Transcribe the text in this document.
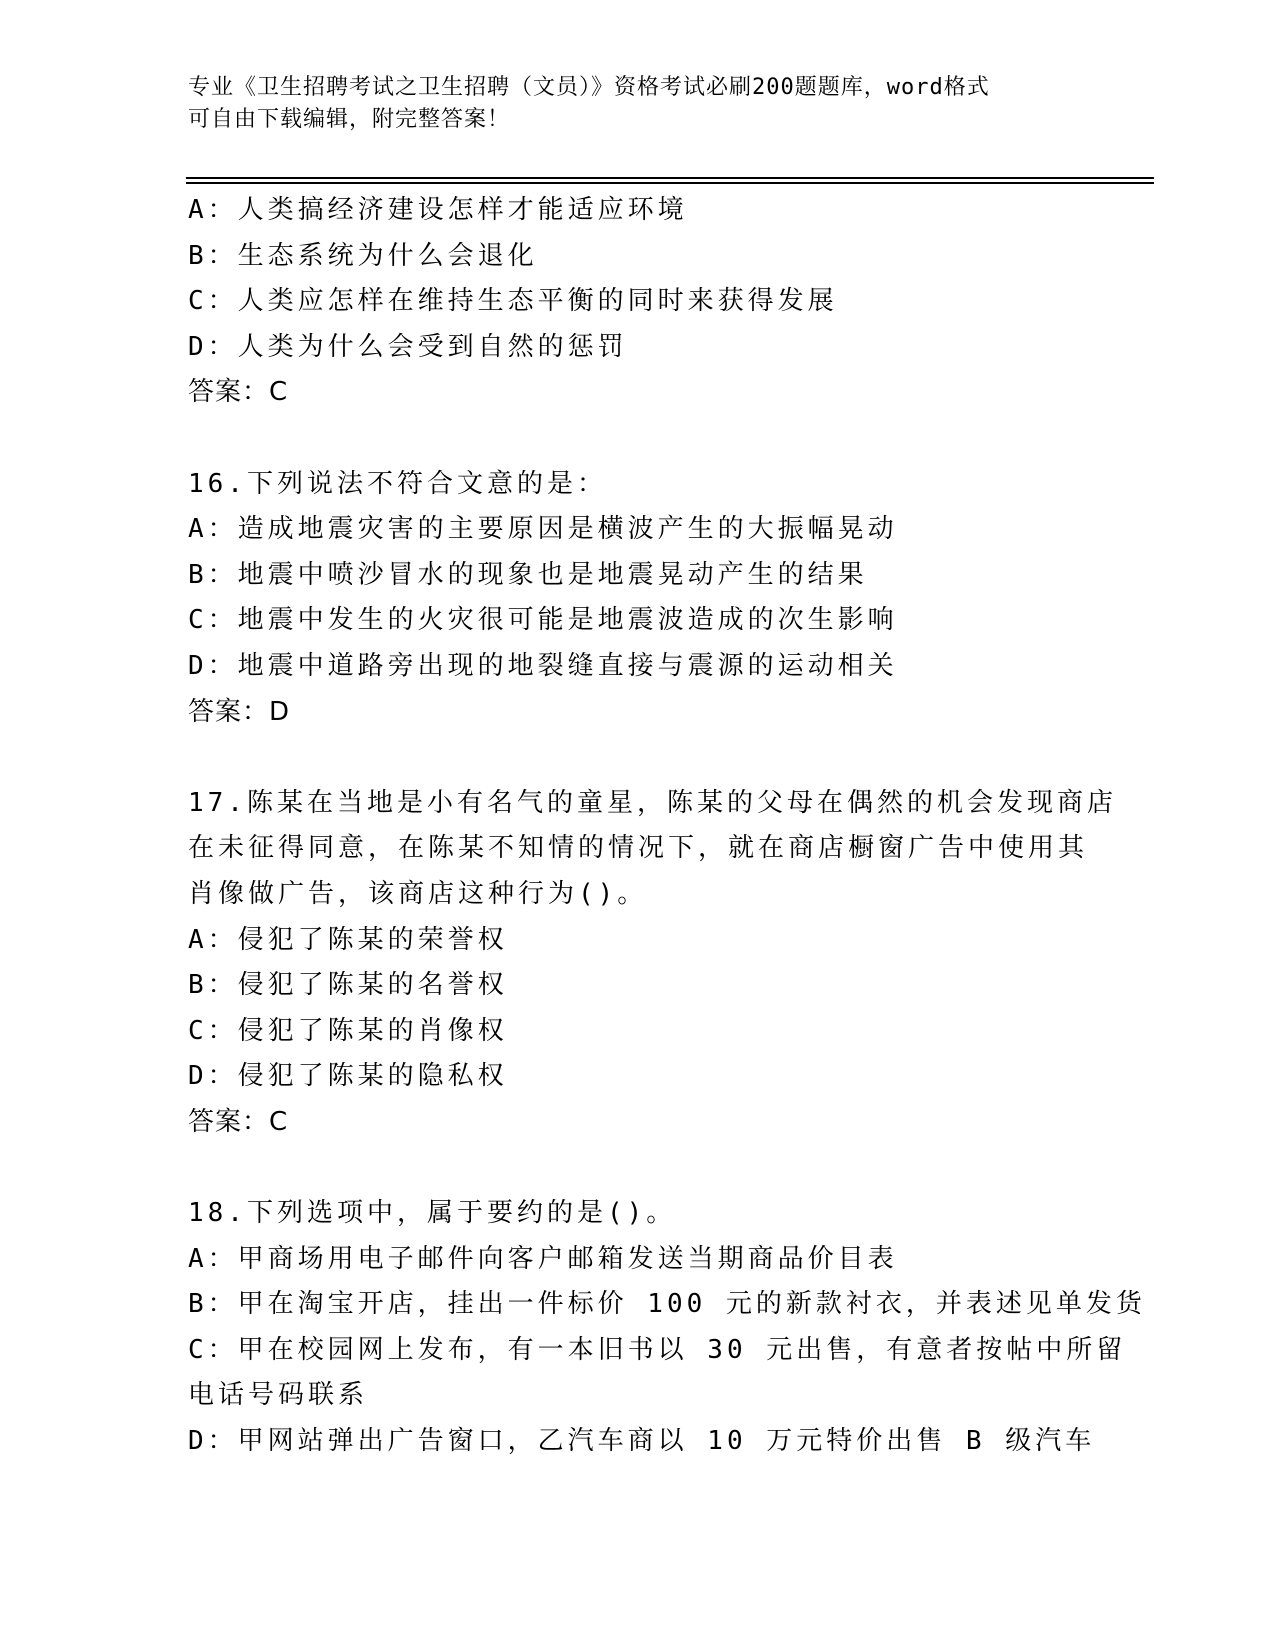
专业《卫生招聘考试之卫生招聘（文员）》资格考试必刷200题题库，word格式
可自由下载编辑，附完整答案！
A：人类搞经济建设怎样才能适应环境
B：生态系统为什么会退化
C：人类应怎样在维持生态平衡的同时来获得发展
D：人类为什么会受到自然的惩罚
答案：C
16.下列说法不符合文意的是：
A：造成地震灾害的主要原因是横波产生的大振幅晃动
B：地震中喷沙冒水的现象也是地震晃动产生的结果
C：地震中发生的火灾很可能是地震波造成的次生影响
D：地震中道路旁出现的地裂缝直接与震源的运动相关
答案：D
17.陈某在当地是小有名气的童星，陈某的父母在偶然的机会发现商店
在未征得同意，在陈某不知情的情况下，就在商店橱窗广告中使用其
肖像做广告，该商店这种行为()。
A：侵犯了陈某的荣誉权
B：侵犯了陈某的名誉权
C：侵犯了陈某的肖像权
D：侵犯了陈某的隐私权
答案：C
18.下列选项中，属于要约的是()。
A：甲商场用电子邮件向客户邮箱发送当期商品价目表
B：甲在淘宝开店，挂出一件标价 100 元的新款衬衣，并表述见单发货
C：甲在校园网上发布，有一本旧书以 30 元出售，有意者按帖中所留
电话号码联系
D：甲网站弹出广告窗口，乙汽车商以 10 万元特价出售 B 级汽车
